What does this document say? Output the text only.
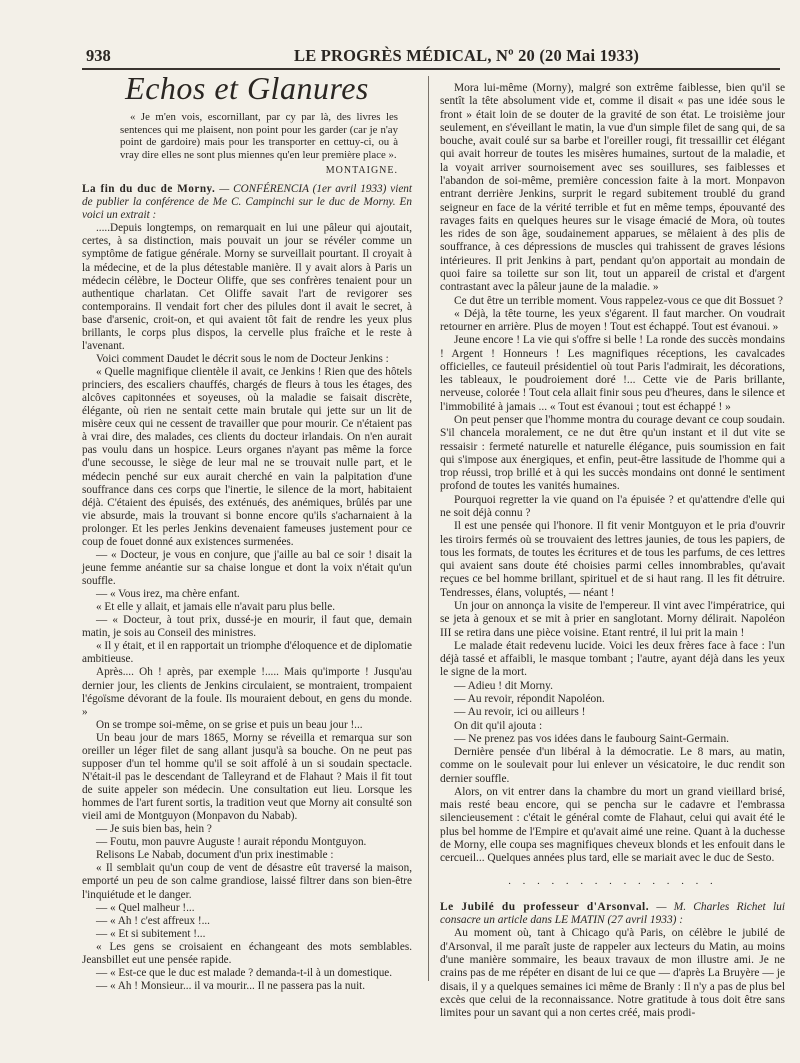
938	LE PROGRÈS MÉDICAL, Nº 20 (20 Mai 1933)
Echos et Glanures

« Je m'en vois, escornillant, par cy par là, des livres les sentences qui me plaisent, non point pour les garder (car je n'ay point de gardoire) mais pour les transporter en cettuy-ci, ou à vray dire elles ne sont plus miennes qu'en leur première place ».

MONTAIGNE.

La fin du duc de Morny. — CONFÉRENCIA (1er avril 1933) vient de publier la conférence de Me C. Campinchi sur le duc de Morny. En voici un extrait :

.....Depuis longtemps, on remarquait en lui une pâleur qui ajoutait, certes, à sa distinction, mais pouvait un jour se révéler comme un symptôme de fatigue générale. Morny se surveillait pourtant. Il croyait à la médecine, et de la plus détestable manière. Il y avait alors à Paris un médecin célèbre, le Docteur Oliffe, que ses confrères tenaient pour un authentique charlatan. Cet Oliffe savait l'art de revigorer ses contemporains. Il vendait fort cher des pilules dont il avait le secret, à base d'arsenic, croit-on, et qui avaient tôt fait de rendre les yeux plus brillants, le corps plus dispos, la cervelle plus fraîche et le reste à l'avenant.

Voici comment Daudet le décrit sous le nom de Docteur Jenkins :

« Quelle magnifique clientèle il avait, ce Jenkins ! Rien que des hôtels princiers, des escaliers chauffés, chargés de fleurs à tous les étages, des alcôves capitonnées et soyeuses, où la maladie se faisait discrète, élégante, où rien ne sentait cette main brutale qui jette sur un lit de misère ceux qui ne cessent de travailler que pour mourir. Ce n'étaient pas à vrai dire, des malades, ces clients du docteur irlandais. On n'en aurait pas voulu dans un hospice. Leurs organes n'ayant pas même la force d'une secousse, le siège de leur mal ne se trouvait nulle part, et le médecin penché sur eux aurait cherché en vain la palpitation d'une souffrance dans ces corps que l'inertie, le silence de la mort, habitaient déjà. C'étaient des épuisés, des exténués, des anémiques, brûlés par une vie absurde, mais la trouvant si bonne encore qu'ils s'acharnaient à la prolonger. Et les perles Jenkins devenaient fameuses justement pour ce coup de fouet donné aux existences surmenées.

— « Docteur, je vous en conjure, que j'aille au bal ce soir ! disait la jeune femme anéantie sur sa chaise longue et dont la voix n'était qu'un souffle.

— « Vous irez, ma chère enfant.

« Et elle y allait, et jamais elle n'avait paru plus belle.

— « Docteur, à tout prix, dussé-je en mourir, il faut que, demain matin, je sois au Conseil des ministres.

« Il y était, et il en rapportait un triomphe d'éloquence et de diplomatie ambitieuse.

Après.... Oh ! après, par exemple !..... Mais qu'importe ! Jusqu'au dernier jour, les clients de Jenkins circulaient, se montraient, trompaient l'égoïsme dévorant de la foule. Ils mouraient debout, en gens du monde. »

On se trompe soi-même, on se grise et puis un beau jour !...

Un beau jour de mars 1865, Morny se réveilla et remarqua sur son oreiller un léger filet de sang allant jusqu'à sa bouche. On ne peut pas supposer d'un tel homme qu'il se soit affolé à un si soudain spectacle. N'était-il pas le descendant de Talleyrand et de Flahaut ? Mais il fit tout de suite appeler son médecin. Une consultation eut lieu. Lorsque les hommes de l'art furent sortis, la tradition veut que Morny ait consulté son vieil ami de Montguyon (Monpavon du Nabab).

— Je suis bien bas, hein ?

— Foutu, mon pauvre Auguste ! aurait répondu Montguyon.

Relisons Le Nabab, document d'un prix inestimable :

« Il semblait qu'un coup de vent de désastre eût traversé la maison, emporté un peu de son calme grandiose, laissé filtrer dans son bien-être l'inquiétude et le danger.

— « Quel malheur !...

— « Ah ! c'est affreux !...

— « Et si subitement !...

« Les gens se croisaient en échangeant des mots semblables. Jeansbillet eut une pensée rapide.

— « Est-ce que le duc est malade ? demanda-t-il à un domestique.

— « Ah ! Monsieur... il va mourir... Il ne passera pas la nuit.

Mora lui-même (Morny), malgré son extrême faiblesse, bien qu'il se sentît la tête absolument vide et, comme il disait « pas une idée sous le front » était loin de se douter de la gravité de son état. Le troisième jour seulement, en s'éveillant le matin, la vue d'un simple filet de sang qui, de sa bouche, avait coulé sur sa barbe et l'oreiller rougi, fit tressaillir cet élégant qui avait horreur de toutes les misères humaines, surtout de la maladie, et la voyait arriver sournoisement avec ses souillures, ses faiblesses et l'abandon de soi-même, première concession faite à la mort. Monpavon entrant derrière Jenkins, surprit le regard subitement troublé du grand seigneur en face de la vérité terrible et fut en même temps, épouvanté des ravages faits en quelques heures sur le visage émacié de Mora, où toutes les rides de son âge, soudainement apparues, se mêlaient à des plis de souffrance, à ces dépressions de muscles qui trahissent de graves lésions intérieures. Il prit Jenkins à part, pendant qu'on apportait au mondain de quoi faire sa toilette sur son lit, tout un appareil de cristal et d'argent contrastant avec la pâleur jaune de la maladie. »

Ce dut être un terrible moment. Vous rappelez-vous ce que dit Bossuet ?

« Déjà, la tête tourne, les yeux s'égarent. Il faut marcher. On voudrait retourner en arrière. Plus de moyen ! Tout est échappé. Tout est évanoui. »

Jeune encore ! La vie qui s'offre si belle ! La ronde des succès mondains ! Argent ! Honneurs ! Les magnifiques réceptions, les cavalcades officielles, ce fauteuil présidentiel où tout Paris l'admirait, les décorations, les tableaux, le poudroiement doré !... Cette vie de Paris brillante, nerveuse, colorée ! Tout cela allait finir sous peu d'heures, dans le silence et l'immobilité à jamais ... « Tout est évanoui ; tout est échappé ! »

On peut penser que l'homme montra du courage devant ce coup soudain. S'il chancela moralement, ce ne dut être qu'un instant et il dut vite se ressaisir : fermeté naturelle et naturelle élégance, puis soumission en fait qui s'impose aux énergiques, et enfin, peut-être lassitude de l'homme qui a trop réussi, trop brillé et à qui les succès mondains ont donné le sentiment profond de toutes les vanités humaines.

Pourquoi regretter la vie quand on l'a épuisée ? et qu'attendre d'elle qui ne soit déjà connu ?

Il est une pensée qui l'honore. Il fit venir Montguyon et le pria d'ouvrir les tiroirs fermés où se trouvaient des lettres jaunies, de tous les papiers, de tous les formats, de toutes les écritures et de tous les parfums, de ces lettres qui avaient sans doute été choisies parmi celles innombrables, qu'avait reçues ce bel homme brillant, spirituel et de si haut rang. Il les fit détruire. Tendresses, élans, voluptés, — néant !

Un jour on annonça la visite de l'empereur. Il vint avec l'impératrice, qui se jeta à genoux et se mit à prier en sanglotant. Morny délirait. Napoléon III se retira dans une pièce voisine. Etant rentré, il lui prit la main !

Le malade était redevenu lucide. Voici les deux frères face à face : l'un déjà tassé et affaibli, le masque tombant ; l'autre, ayant déjà dans les yeux le signe de la mort.

— Adieu ! dit Morny.

— Au revoir, répondit Napoléon.

— Au revoir, ici ou ailleurs !

On dit qu'il ajouta :

— Ne prenez pas vos idées dans le faubourg Saint-Germain.

Dernière pensée d'un libéral à la démocratie. Le 8 mars, au matin, comme on le soulevait pour lui enlever un vésicatoire, le duc rendit son dernier souffle.

Alors, on vit entrer dans la chambre du mort un grand vieillard brisé, mais resté beau encore, qui se pencha sur le cadavre et l'embrassa silencieusement : c'était le général comte de Flahaut, celui qui avait été le plus bel homme de l'Empire et qu'avait aimé une reine. Quant à la duchesse de Morny, elle coupa ses magnifiques cheveux blonds et les enfouit dans le cercueil... Quelques années plus tard, elle se mariait avec le duc de Sesto.

· · · · · · · · · · · · · · ·

Le Jubilé du professeur d'Arsonval. — M. Charles Richet lui consacre un article dans LE MATIN (27 avril 1933) :

Au moment où, tant à Chicago qu'à Paris, on célèbre le jubilé de d'Arsonval, il me paraît juste de rappeler aux lecteurs du Matin, au moins d'une manière sommaire, les beaux travaux de mon illustre ami. Je ne crains pas de me répéter en disant de lui ce que — d'après La Bruyère — je disais, il y a quelques semaines ici même de Branly : Il n'y a pas de plus bel excès que celui de la reconnaissance. Notre gratitude à tous doit être sans limites pour un savant qui a non certes créé, mais prodi-
